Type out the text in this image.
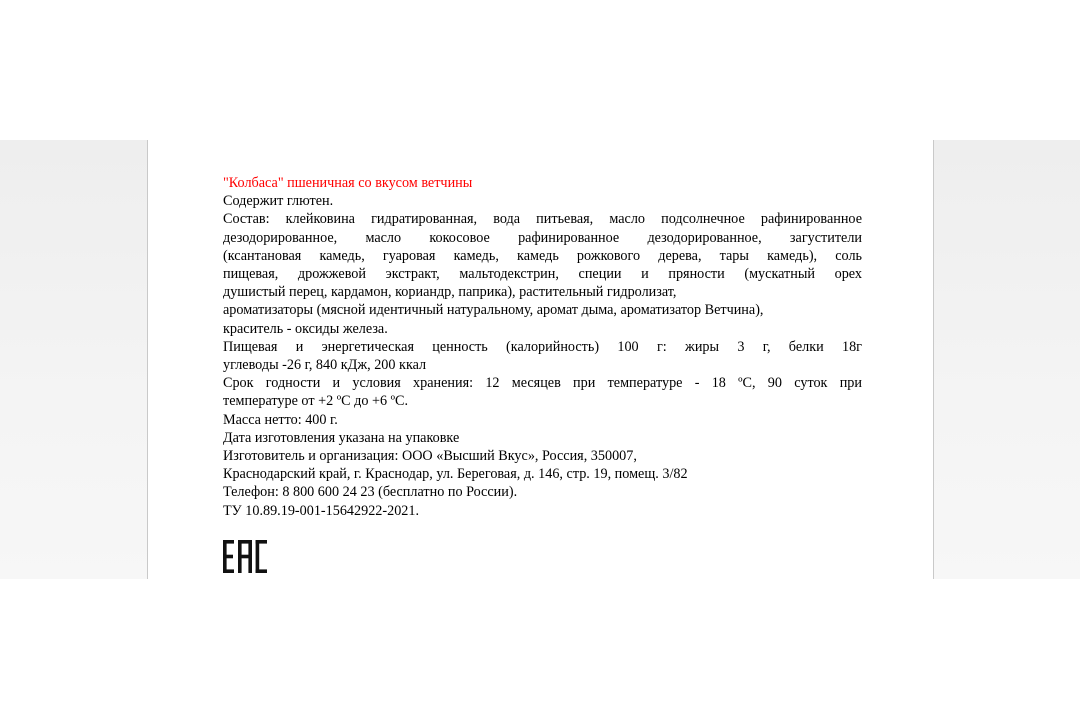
"Колбаса" пшеничная со вкусом ветчины

Содержит глютен.

Состав: клейковина гидратированная, вода питьевая, масло подсолнечное рафинированное

дезодорированное, масло кокосовое рафинированное дезодорированное, загустители

(ксантановая камедь, гуаровая камедь, камедь рожкового дерева, тары камедь), соль

пищевая, дрожжевой экстракт, мальтодекстрин, специи и пряности (мускатный орех

душистый перец, кардамон, кориандр, паприка), растительный гидролизат,

ароматизаторы (мясной идентичный натуральному, аромат дыма, ароматизатор Ветчина),

краситель - оксиды железа.

Пищевая и энергетическая ценность (калорийность) 100 г: жиры 3 г, белки 18г

углеводы -26 г, 840 кДж, 200 ккал

Срок годности и условия хранения: 12 месяцев при температуре - 18 ºС, 90 суток при

температуре от +2 ºС до +6 ºС.

Масса нетто: 400 г.

Дата изготовления указана на упаковке

Изготовитель и организация: ООО «Высший Вкус», Россия, 350007,

Краснодарский край, г. Краснодар, ул. Береговая, д. 146, стр. 19, помещ. 3/82

Телефон: 8 800 600 24 23 (бесплатно по России).

ТУ 10.89.19-001-15642922-2021.
